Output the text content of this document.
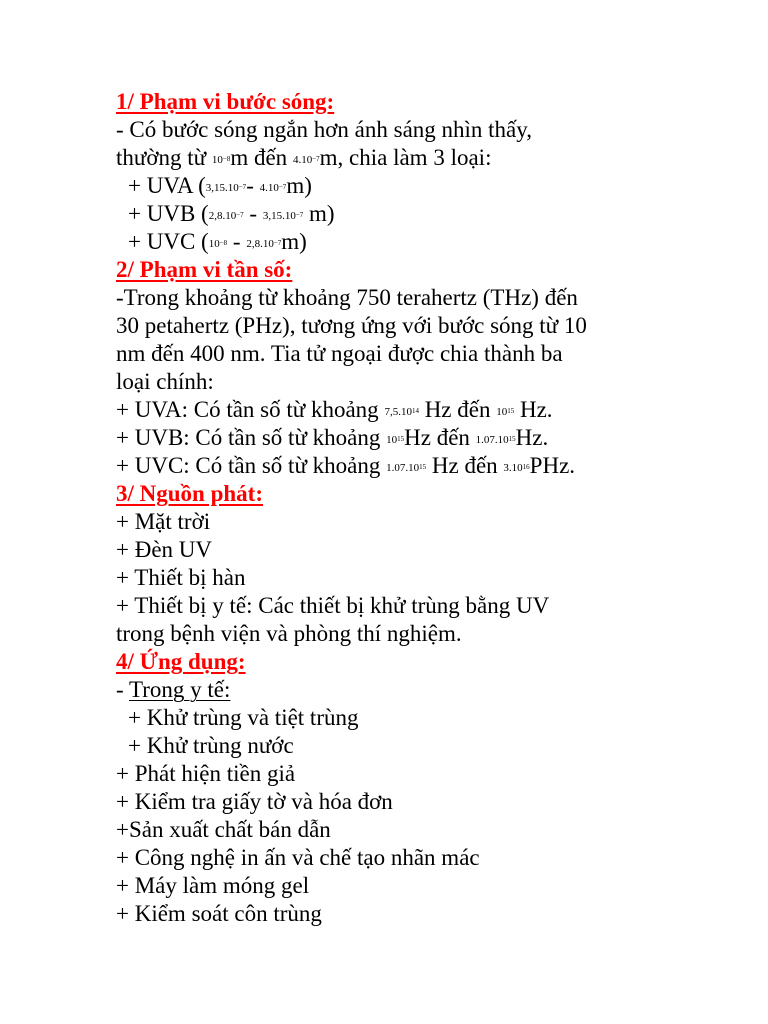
1/ Phạm vi bước sóng:
- Có bước sóng ngắn hơn ánh sáng nhìn thấy,
thường từ $10^{-8}m$ đến $4.10^{-7}m$, chia làm 3 loại:
+ UVA ($3,15.10^{-7}-$ $4.10^{-7}m$)
+ UVB ($2,8.10^{-7} - 3,15.10^{-7}$ m)
+ UVC $(10^{-8} - 2,8.10^{-7}m)$
2/ Phạm vi tần số:
-Trong khoảng từ khoảng 750 terahertz (THz) đến
30 petahertz (PHz), tương ứng với bước sóng từ 10
nm đến 400 nm. Tia tử ngoại được chia thành ba
loại chính:
+ UVA: Có tần số từ khoảng 7,5.10$^{14}$ Hz đến $10^{15}$ Hz.
+ UVB: Có tần số từ khoảng $10^{15}Hz$ đến $1.07.10^{15}Hz$.
+ UVC: Có tần số từ khoảng 1.07.10$^{15}$ Hz đến 3.10$^{16}$PHz.
3/ Nguồn phát:
+ Mặt trời
+ Đèn UV
+ Thiết bị hàn
+ Thiết bị y tế: Các thiết bị khử trùng bằng UV
trong bệnh viện và phòng thí nghiệm.
4/ Ứng dụng:
- Trong y tế:
+ Khử trùng và tiệt trùng
+ Khử trùng nước
+ Phát hiện tiền giả
+ Kiểm tra giấy tờ và hóa đơn
+Sản xuất chất bán dẫn
+ Công nghệ in ấn và chế tạo nhãn mác
+ Máy làm móng gel
+ Kiểm soát côn trùng
